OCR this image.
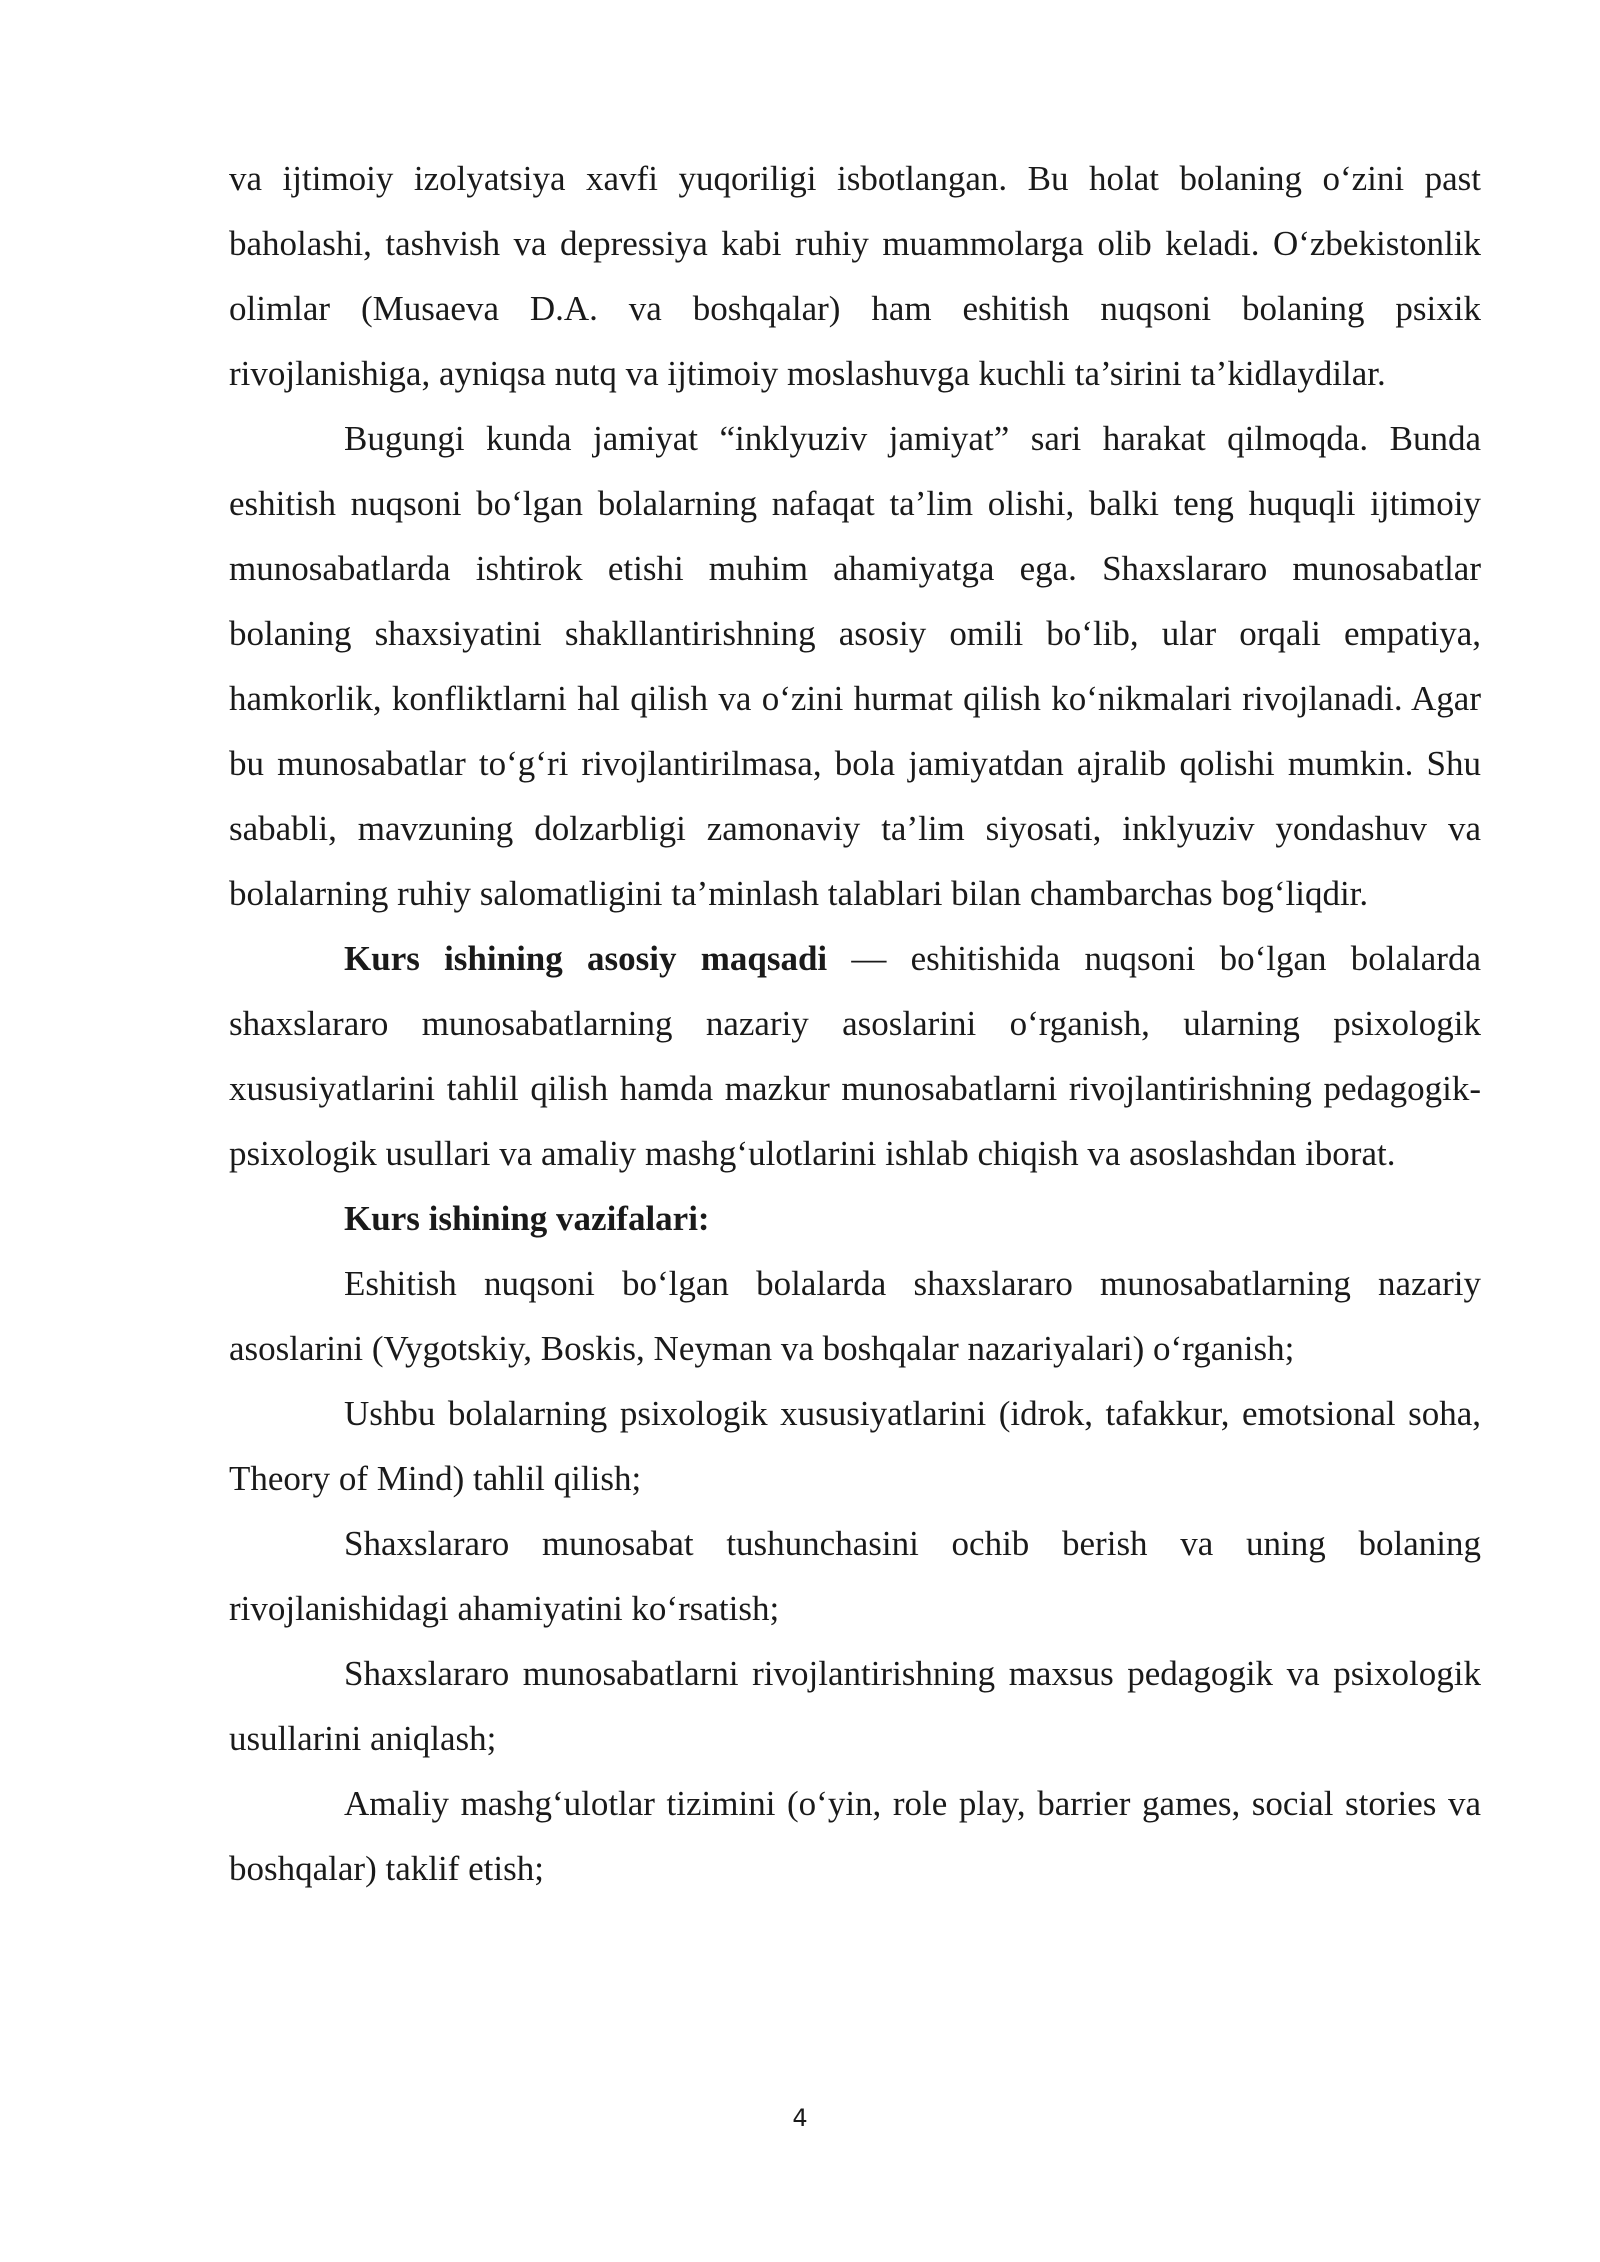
va ijtimoiy izolyatsiya xavfi yuqoriligi isbotlangan. Bu holat bolaning o‘zini past baholashi, tashvish va depressiya kabi ruhiy muammolarga olib keladi. O‘zbekistonlik olimlar (Musaeva D.A. va boshqalar) ham eshitish nuqsoni bolaning psixik rivojlanishiga, ayniqsa nutq va ijtimoiy moslashuvga kuchli ta’sirini ta’kidlaydilar.

Bugungi kunda jamiyat “inklyuziv jamiyat” sari harakat qilmoqda. Bunda eshitish nuqsoni bo‘lgan bolalarning nafaqat ta’lim olishi, balki teng huquqli ijtimoiy munosabatlarda ishtirok etishi muhim ahamiyatga ega. Shaxslararo munosabatlar bolaning shaxsiyatini shakllantirishning asosiy omili bo‘lib, ular orqali empatiya, hamkorlik, konfliktlarni hal qilish va o‘zini hurmat qilish ko‘nikmalari rivojlanadi. Agar bu munosabatlar to‘g‘ri rivojlantirilmasa, bola jamiyatdan ajralib qolishi mumkin. Shu sababli, mavzuning dolzarbligi zamonaviy ta’lim siyosati, inklyuziv yondashuv va bolalarning ruhiy salomatligini ta’minlash talablari bilan chambarchas bog‘liqdir.

Kurs ishining asosiy maqsadi — eshitishida nuqsoni bo‘lgan bolalarda shaxslararo munosabatlarning nazariy asoslarini o‘rganish, ularning psixologik xususiyatlarini tahlil qilish hamda mazkur munosabatlarni rivojlantirishning pedagogik-psixologik usullari va amaliy mashg‘ulotlarini ishlab chiqish va asoslashdan iborat.

Kurs ishining vazifalari:

Eshitish nuqsoni bo‘lgan bolalarda shaxslararo munosabatlarning nazariy asoslarini (Vygotskiy, Boskis, Neyman va boshqalar nazariyalari) o‘rganish;

Ushbu bolalarning psixologik xususiyatlarini (idrok, tafakkur, emotsional soha, Theory of Mind) tahlil qilish;

Shaxslararo munosabat tushunchasini ochib berish va uning bolaning rivojlanishidagi ahamiyatini ko‘rsatish;

Shaxslararo munosabatlarni rivojlantirishning maxsus pedagogik va psixologik usullarini aniqlash;

Amaliy mashg‘ulotlar tizimini (o‘yin, role play, barrier games, social stories va boshqalar) taklif etish;

4
